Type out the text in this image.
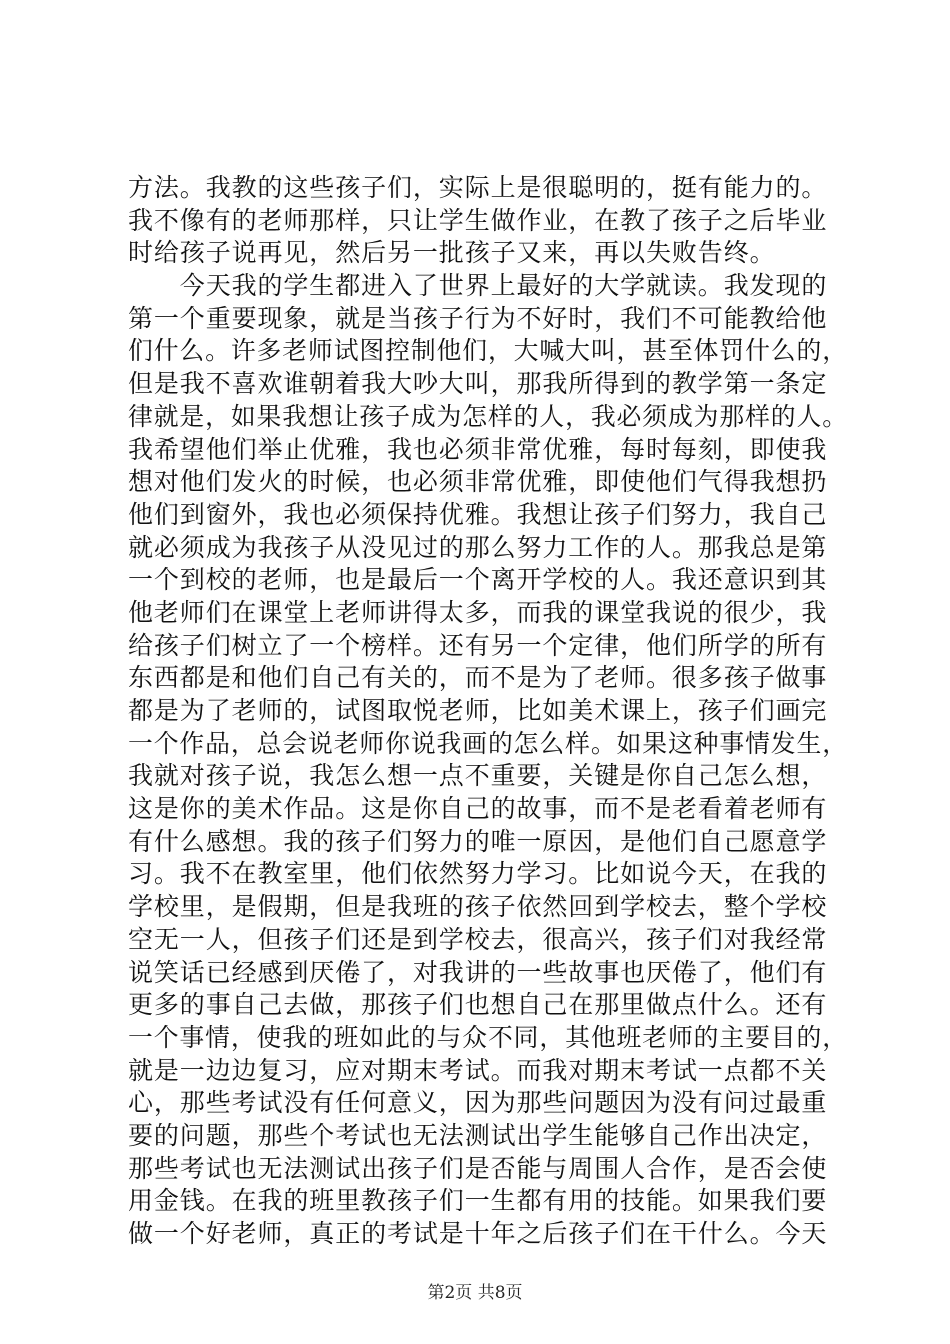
方法。我教的这些孩子们，实际上是很聪明的，挺有能力的。
我不像有的老师那样，只让学生做作业，在教了孩子之后毕业
时给孩子说再见，然后另一批孩子又来，再以失败告终。
　　今天我的学生都进入了世界上最好的大学就读。我发现的
第一个重要现象，就是当孩子行为不好时，我们不可能教给他
们什么。许多老师试图控制他们，大喊大叫，甚至体罚什么的，
但是我不喜欢谁朝着我大吵大叫，那我所得到的教学第一条定
律就是，如果我想让孩子成为怎样的人，我必须成为那样的人。
我希望他们举止优雅，我也必须非常优雅，每时每刻，即使我
想对他们发火的时候，也必须非常优雅，即使他们气得我想扔
他们到窗外，我也必须保持优雅。我想让孩子们努力，我自己
就必须成为我孩子从没见过的那么努力工作的人。那我总是第
一个到校的老师，也是最后一个离开学校的人。我还意识到其
他老师们在课堂上老师讲得太多，而我的课堂我说的很少，我
给孩子们树立了一个榜样。还有另一个定律，他们所学的所有
东西都是和他们自己有关的，而不是为了老师。很多孩子做事
都是为了老师的，试图取悦老师，比如美术课上，孩子们画完
一个作品，总会说老师你说我画的怎么样。如果这种事情发生，
我就对孩子说，我怎么想一点不重要，关键是你自己怎么想，
这是你的美术作品。这是你自己的故事，而不是老看着老师有
有什么感想。我的孩子们努力的唯一原因，是他们自己愿意学
习。我不在教室里，他们依然努力学习。比如说今天，在我的
学校里，是假期，但是我班的孩子依然回到学校去，整个学校
空无一人，但孩子们还是到学校去，很高兴，孩子们对我经常
说笑话已经感到厌倦了，对我讲的一些故事也厌倦了，他们有
更多的事自己去做，那孩子们也想自己在那里做点什么。还有
一个事情，使我的班如此的与众不同，其他班老师的主要目的，
就是一边边复习，应对期末考试。而我对期末考试一点都不关
心，那些考试没有任何意义，因为那些问题因为没有问过最重
要的问题，那些个考试也无法测试出学生能够自己作出决定，
那些考试也无法测试出孩子们是否能与周围人合作，是否会使
用金钱。在我的班里教孩子们一生都有用的技能。如果我们要
做一个好老师，真正的考试是十年之后孩子们在干什么。今天
第2页 共8页
